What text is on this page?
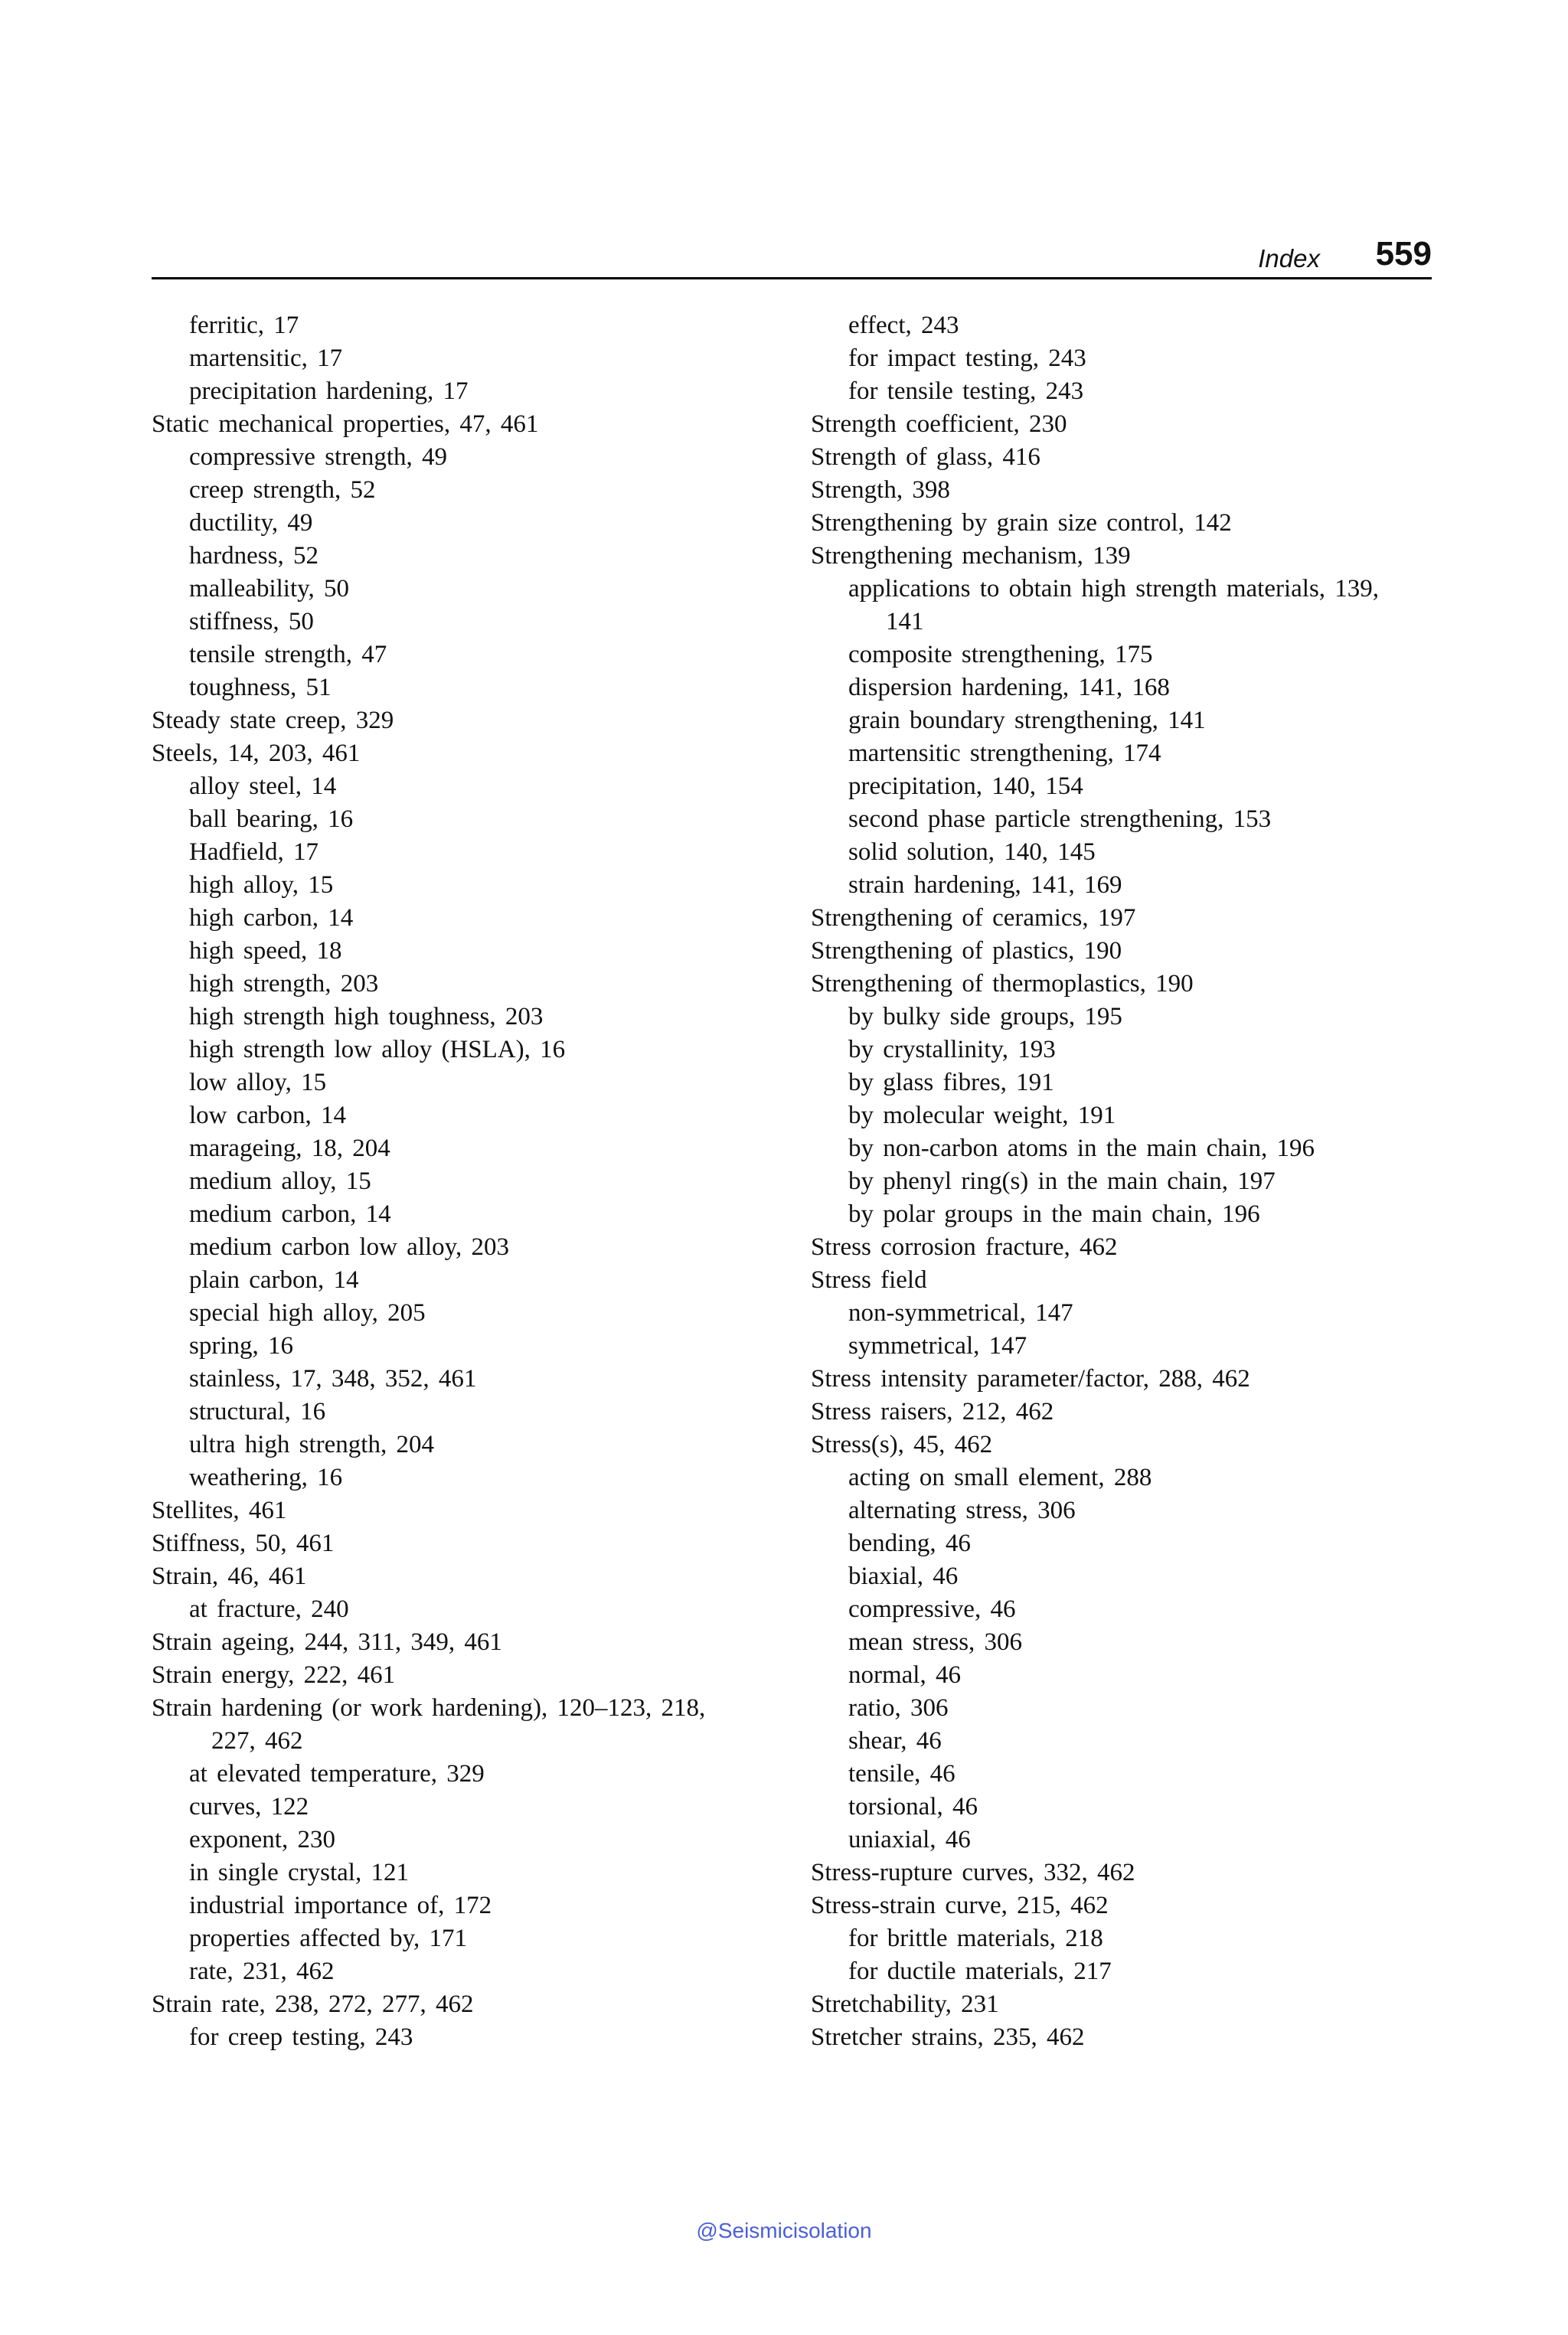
Index 559
ferritic, 17
martensitic, 17
precipitation hardening, 17
Static mechanical properties, 47, 461
compressive strength, 49
creep strength, 52
ductility, 49
hardness, 52
malleability, 50
stiffness, 50
tensile strength, 47
toughness, 51
Steady state creep, 329
Steels, 14, 203, 461
alloy steel, 14
ball bearing, 16
Hadfield, 17
high alloy, 15
high carbon, 14
high speed, 18
high strength, 203
high strength high toughness, 203
high strength low alloy (HSLA), 16
low alloy, 15
low carbon, 14
marageing, 18, 204
medium alloy, 15
medium carbon, 14
medium carbon low alloy, 203
plain carbon, 14
special high alloy, 205
spring, 16
stainless, 17, 348, 352, 461
structural, 16
ultra high strength, 204
weathering, 16
Stellites, 461
Stiffness, 50, 461
Strain, 46, 461
at fracture, 240
Strain ageing, 244, 311, 349, 461
Strain energy, 222, 461
Strain hardening (or work hardening), 120–123, 218,
227, 462
at elevated temperature, 329
curves, 122
exponent, 230
in single crystal, 121
industrial importance of, 172
properties affected by, 171
rate, 231, 462
Strain rate, 238, 272, 277, 462
for creep testing, 243
effect, 243
for impact testing, 243
for tensile testing, 243
Strength coefficient, 230
Strength of glass, 416
Strength, 398
Strengthening by grain size control, 142
Strengthening mechanism, 139
applications to obtain high strength materials, 139,
141
composite strengthening, 175
dispersion hardening, 141, 168
grain boundary strengthening, 141
martensitic strengthening, 174
precipitation, 140, 154
second phase particle strengthening, 153
solid solution, 140, 145
strain hardening, 141, 169
Strengthening of ceramics, 197
Strengthening of plastics, 190
Strengthening of thermoplastics, 190
by bulky side groups, 195
by crystallinity, 193
by glass fibres, 191
by molecular weight, 191
by non-carbon atoms in the main chain, 196
by phenyl ring(s) in the main chain, 197
by polar groups in the main chain, 196
Stress corrosion fracture, 462
Stress field
non-symmetrical, 147
symmetrical, 147
Stress intensity parameter/factor, 288, 462
Stress raisers, 212, 462
Stress(s), 45, 462
acting on small element, 288
alternating stress, 306
bending, 46
biaxial, 46
compressive, 46
mean stress, 306
normal, 46
ratio, 306
shear, 46
tensile, 46
torsional, 46
uniaxial, 46
Stress-rupture curves, 332, 462
Stress-strain curve, 215, 462
for brittle materials, 218
for ductile materials, 217
Stretchability, 231
Stretcher strains, 235, 462
@Seismicisolation
